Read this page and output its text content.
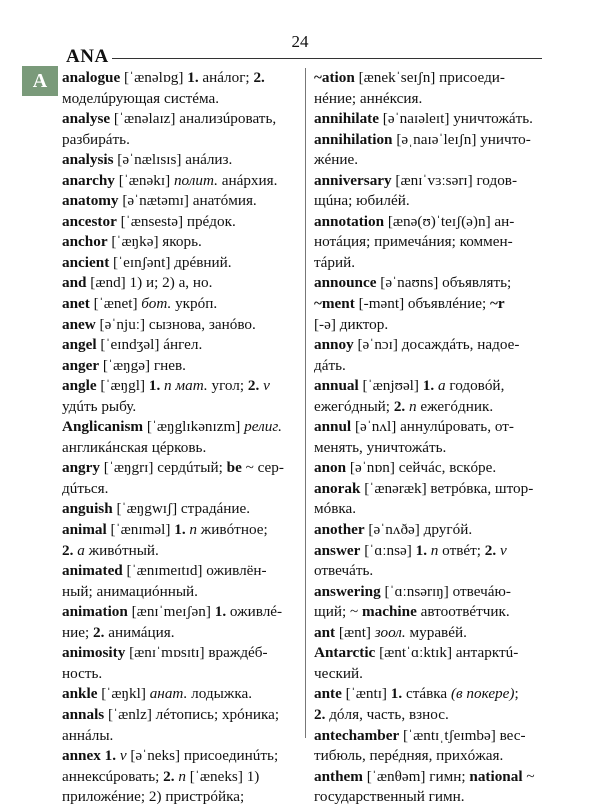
ANA
24
A analogue [ˈænəlɒg] 1. анáлог; 2.
моделúрующая систéма.
analyse [ˈænəlaɪz] анализúровать,
разбирáть.
analysis [əˈnælɪsɪs] анáлиз.
anarchy [ˈænəkɪ] полит. анáрхия.
anatomy [əˈnætəmɪ] анатóмия.
ancestor [ˈænsestə] прéдок.
anchor [ˈæŋkə] якорь.
ancient [ˈeɪnʃənt] дрéвний.
and [ænd] 1) и; 2) а, но.
anet [ˈænet] бот. укрóп.
anew [əˈnjuː] сызнова, занóво.
angel [ˈeɪndʒəl] áнгел.
anger [ˈæŋgə] гнев.
angle [ˈæŋgl] 1. n мат. угол; 2. v
удúть рыбу.
Anglicanism [ˈæŋglɪkənɪzm] религ.
англикáнская цéрковь.
angry [ˈæŋgrɪ] сердúтый; be ~ сер-
дúться.
anguish [ˈæŋgwɪʃ] страдáние.
animal [ˈænɪməl] 1. n живóтное;
2. a живóтный.
animated [ˈænɪmeɪtɪd] оживлён-
ный; анимациóнный.
animation [ænɪˈmeɪʃən] 1. оживлé-
ние; 2. анимáция.
animosity [ænɪˈmɒsɪtɪ] враждéб-
ность.
ankle [ˈæŋkl] анат. лодыжка.
annals [ˈænlz] лéтопись; хрóника;
аннáлы.
annex 1. v [əˈneks] присоединúть;
аннексúровать; 2. n [ˈæneks] 1)
приложéние; 2) пристрóйка;
~ation [ænekˈseɪʃn] присоеди-
нéние; аннéксия.
annihilate [əˈnaɪəleɪt] уничтожáть.
annihilation [əˌnaɪəˈleɪʃn] уничто-
жéние.
anniversary [ænɪˈvɜːsərɪ] годов-
щúна; юбилéй.
annotation [ænə(ʊ)ˈteɪʃ(ə)n] ан-
нотáция; примечáния; коммен-
тáрий.
announce [əˈnaʊns] объявлять;
~ment [-mənt] объявлéние; ~r
[-ə] диктор.
annoy [əˈnɔɪ] досаждáть, надое-
дáть.
annual [ˈænjʊəl] 1. a годовóй,
ежегóдный; 2. n ежегóдник.
annul [əˈnʌl] аннулúровать, от-
менять, уничтожáть.
anon [əˈnɒn] сейчáс, вскóре.
anorak [ˈænəræk] ветрóвка, штор-
мóвка.
another [əˈnʌðə] другóй.
answer [ˈɑːnsə] 1. n отвéт; 2. v
отвечáть.
answering [ˈɑːnsərɪŋ] отвечáю-
щий; ~ machine автоотвéтчик.
ant [ænt] зоол. муравéй.
Antarctic [æntˈɑːktɪk] антарктú-
ческий.
ante [ˈæntɪ] 1. стáвка (в покере);
2. дóля, часть, взнос.
antechamber [ˈæntɪˌtʃeɪmbə] вес-
тибюль, перéдняя, прихóжая.
anthem [ˈænθəm] гимн; national ~
государственный гимн.
